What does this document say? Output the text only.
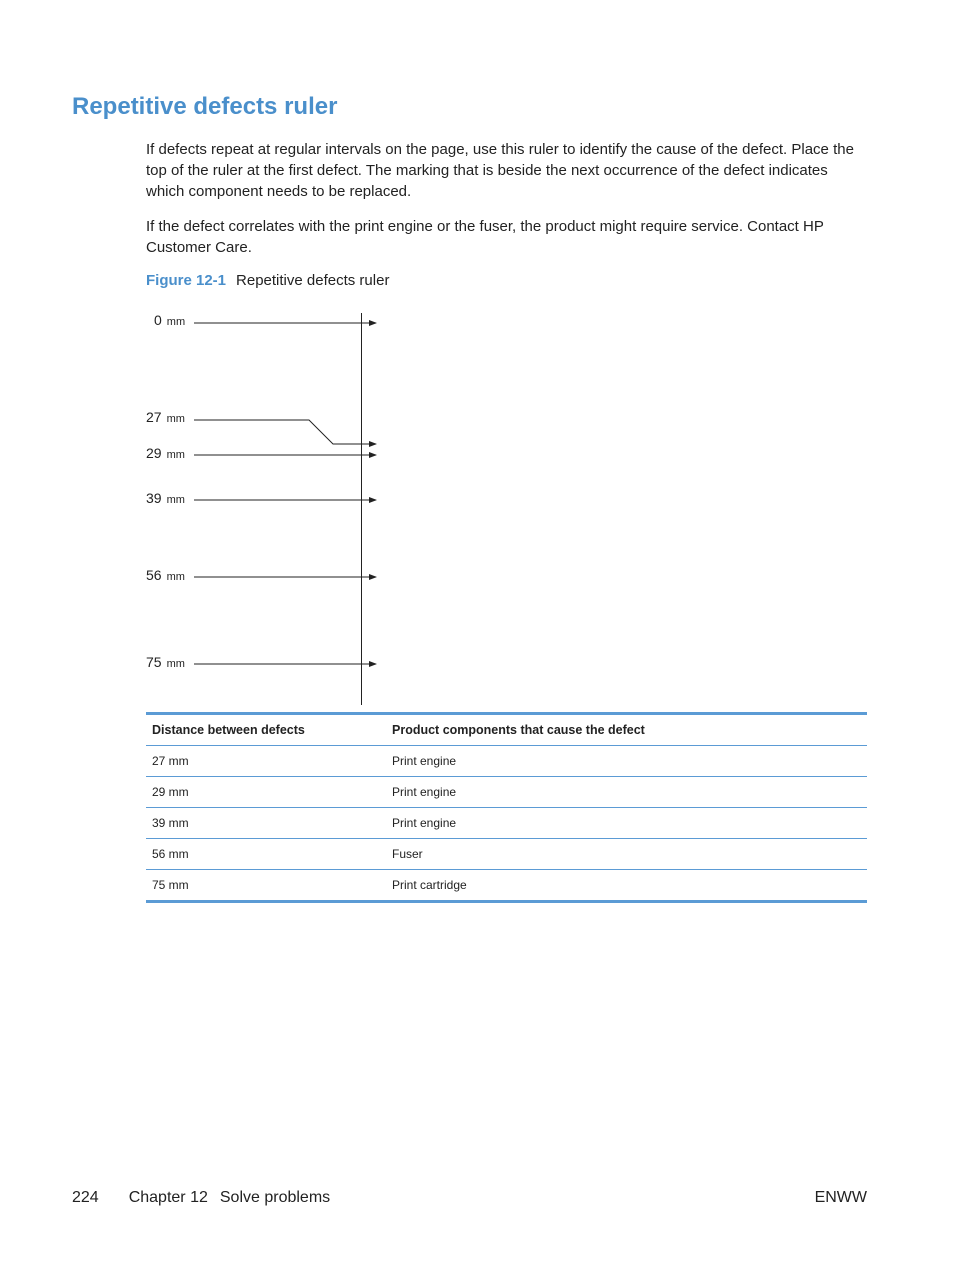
Repetitive defects ruler

If defects repeat at regular intervals on the page, use this ruler to identify the cause of the defect. Place the top of the ruler at the first defect. The marking that is beside the next occurrence of the defect indicates which component needs to be replaced.

If the defect correlates with the print engine or the fuser, the product might require service. Contact HP Customer Care.

Figure 12-1 Repetitive defects ruler
0 mm
27 mm
29 mm
39 mm
56 mm
75 mm
Distance between defects	Product components that cause the defect
27 mm	Print engine
29 mm	Print engine
39 mm	Print engine
56 mm	Fuser
75 mm	Print cartridge
224 Chapter 12 Solve problems	ENWW
